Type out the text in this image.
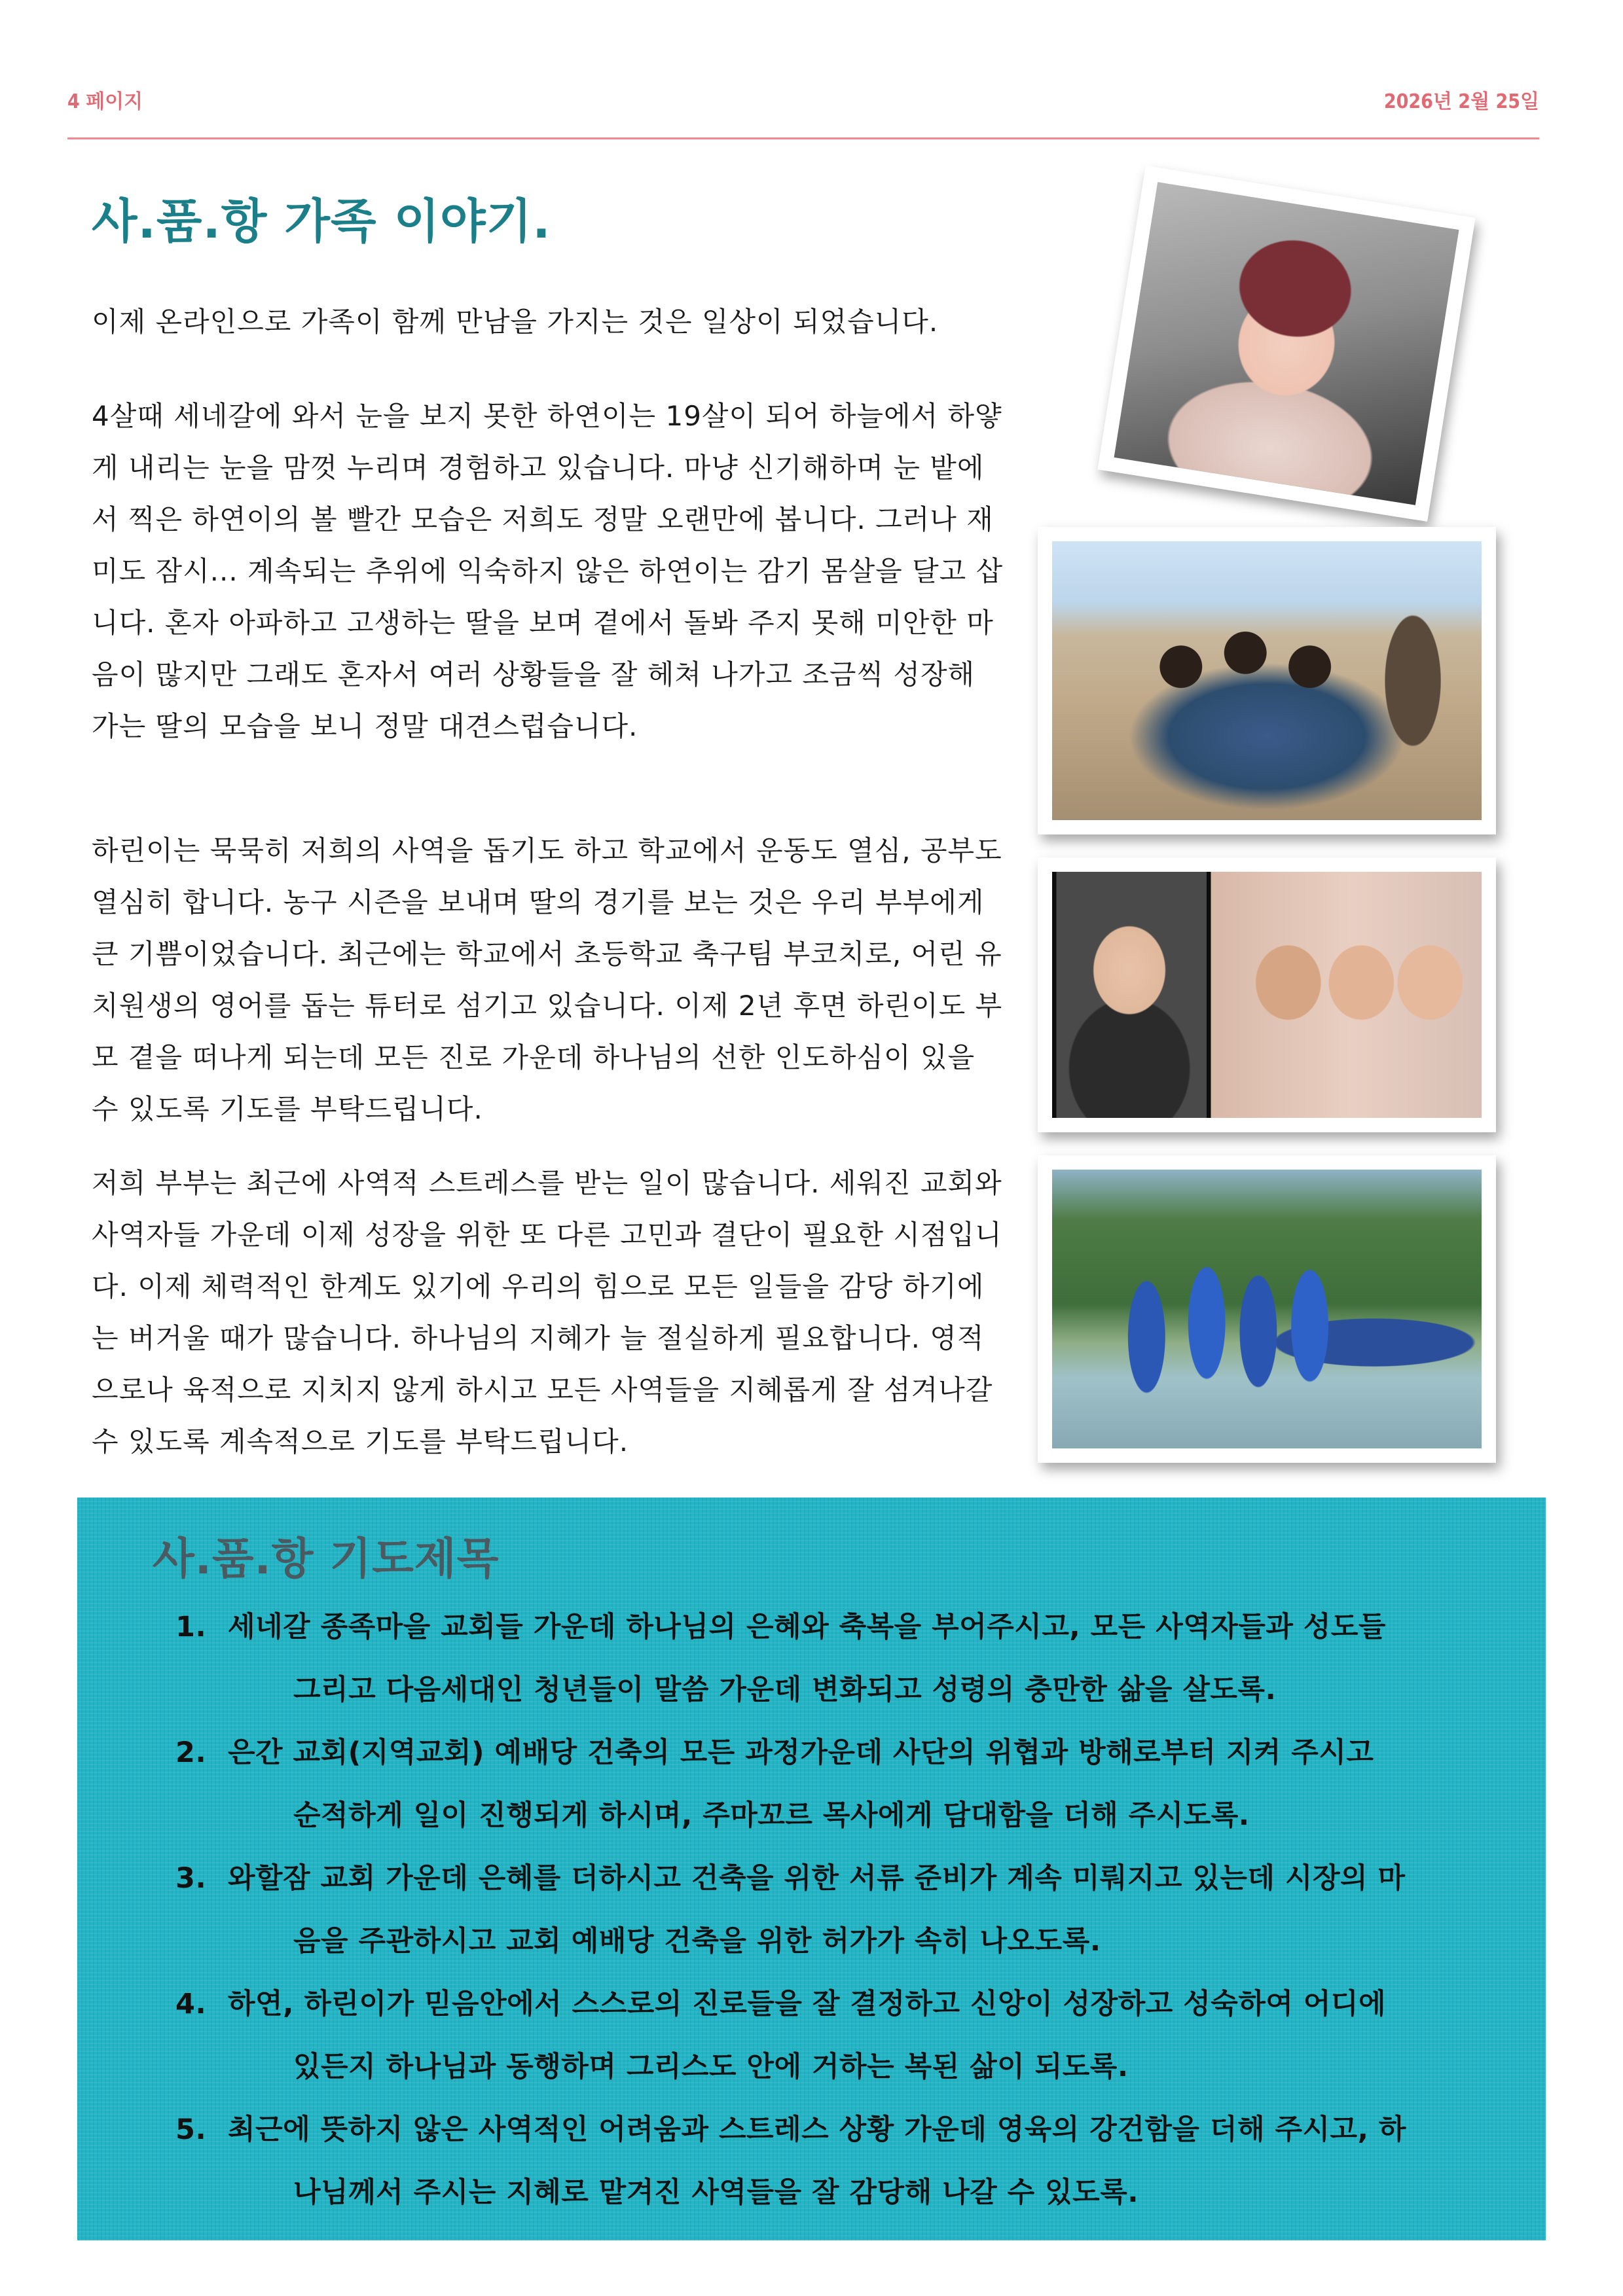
4 페이지	2026년 2월 25일
사.품.항 가족 이야기.

이제 온라인으로 가족이 함께 만남을 가지는 것은 일상이 되었습니다.

4살때 세네갈에 와서 눈을 보지 못한 하연이는 19살이 되어 하늘에서 하얗게 내리는 눈을 맘껏 누리며 경험하고 있습니다. 마냥 신기해하며 눈 밭에서 찍은 하연이의 볼 빨간 모습은 저희도 정말 오랜만에 봅니다. 그러나 재미도 잠시... 계속되는 추위에 익숙하지 않은 하연이는 감기 몸살을 달고 삽니다. 혼자 아파하고 고생하는 딸을 보며 곁에서 돌봐 주지 못해 미안한 마음이 많지만 그래도 혼자서 여러 상황들을 잘 헤쳐 나가고 조금씩 성장해 가는 딸의 모습을 보니 정말 대견스럽습니다.

하린이는 묵묵히 저희의 사역을 돕기도 하고 학교에서 운동도 열심, 공부도 열심히 합니다. 농구 시즌을 보내며 딸의 경기를 보는 것은 우리 부부에게 큰 기쁨이었습니다. 최근에는 학교에서 초등학교 축구팀 부코치로, 어린 유치원생의 영어를 돕는 튜터로 섬기고 있습니다. 이제 2년 후면 하린이도 부모 곁을 떠나게 되는데 모든 진로 가운데 하나님의 선한 인도하심이 있을 수 있도록 기도를 부탁드립니다.

저희 부부는 최근에 사역적 스트레스를 받는 일이 많습니다. 세워진 교회와 사역자들 가운데 이제 성장을 위한 또 다른 고민과 결단이 필요한 시점입니다. 이제 체력적인 한계도 있기에 우리의 힘으로 모든 일들을 감당 하기에는 버거울 때가 많습니다. 하나님의 지혜가 늘 절실하게 필요합니다. 영적으로나 육적으로 지치지 않게 하시고 모든 사역들을 지혜롭게 잘 섬겨나갈 수 있도록 계속적으로 기도를 부탁드립니다.

사.품.항 기도제목
1. 세네갈 종족마을 교회들 가운데 하나님의 은혜와 축복을 부어주시고, 모든 사역자들과 성도들
그리고 다음세대인 청년들이 말씀 가운데 변화되고 성령의 충만한 삶을 살도록.
2. 은간 교회(지역교회) 예배당 건축의 모든 과정가운데 사단의 위협과 방해로부터 지켜 주시고
순적하게 일이 진행되게 하시며, 주마꼬르 목사에게 담대함을 더해 주시도록.
3. 와할잠 교회 가운데 은혜를 더하시고 건축을 위한 서류 준비가 계속 미뤄지고 있는데 시장의 마
음을 주관하시고 교회 예배당 건축을 위한 허가가 속히 나오도록.
4. 하연, 하린이가 믿음안에서 스스로의 진로들을 잘 결정하고 신앙이 성장하고 성숙하여 어디에
있든지 하나님과 동행하며 그리스도 안에 거하는 복된 삶이 되도록.
5. 최근에 뜻하지 않은 사역적인 어려움과 스트레스 상황 가운데 영육의 강건함을 더해 주시고, 하
나님께서 주시는 지혜로 맡겨진 사역들을 잘 감당해 나갈 수 있도록.
